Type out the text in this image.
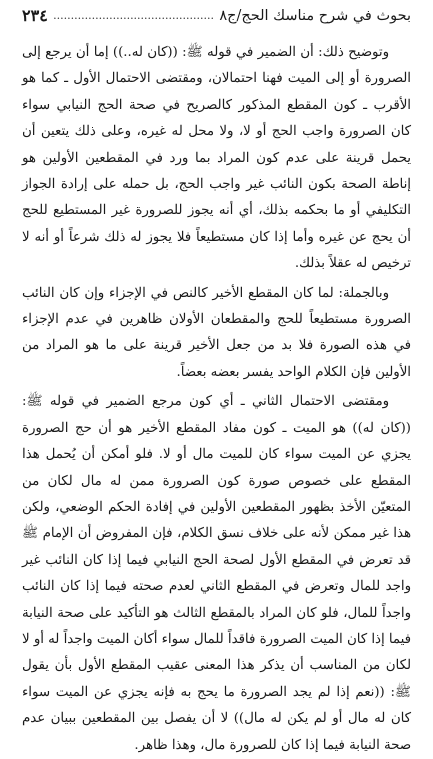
بحوث في شرح مناسك الحج/ج٨
..............................................
٢٣٤

وتوضيح ذلك: أن الضمير في قوله ﷺ: ((كان له..)) إما أن يرجع إلى الصرورة أو إلى الميت فهنا احتمالان، ومقتضى الاحتمال الأول ـ كما هو الأقرب ـ كون المقطع المذكور كالصريح في صحة الحج النيابي سواء كان الصرورة واجب الحج أو لا، ولا محل له غيره، وعلى ذلك يتعين أن يحمل قرينة على عدم كون المراد بما ورد في المقطعين الأولين هو إناطة الصحة بكون النائب غير واجب الحج، بل حمله على إرادة الجواز التكليفي أو ما بحكمه بذلك، أي أنه يجوز للصرورة غير المستطيع للحج أن يحج عن غيره وأما إذا كان مستطيعاً فلا يجوز له ذلك شرعاً أو أنه لا ترخيص له عقلاً بذلك.

وبالجملة: لما كان المقطع الأخير كالنص في الإجزاء وإن كان النائب الصرورة مستطيعاً للحج والمقطعان الأولان ظاهرين في عدم الإجزاء في هذه الصورة فلا بد من جعل الأخير قرينة على ما هو المراد من الأولين فإن الكلام الواحد يفسر بعضه بعضاً.

ومقتضى الاحتمال الثاني ـ أي كون مرجع الضمير في قوله ﷺ: ((كان له)) هو الميت ـ كون مفاد المقطع الأخير هو أن حج الصرورة يجزي عن الميت سواء كان للميت مال أو لا. فلو أمكن أن يُحمل هذا المقطع على خصوص صورة كون الصرورة ممن له مال لكان من المتعيّن الأخذ بظهور المقطعين الأولين في إفادة الحكم الوضعي، ولكن هذا غير ممكن لأنه على خلاف نسق الكلام، فإن المفروض أن الإمام ﷺ قد تعرض في المقطع الأول لصحة الحج النيابي فيما إذا كان النائب غير واجد للمال وتعرض في المقطع الثاني لعدم صحته فيما إذا كان النائب واجداً للمال، فلو كان المراد بالمقطع الثالث هو التأكيد على صحة النيابة فيما إذا كان الميت الصرورة فاقداً للمال سواء أكان الميت واجداً له أو لا لكان من المناسب أن يذكر هذا المعنى عقيب المقطع الأول بأن يقول ﷺ: ((نعم إذا لم يجد الصرورة ما يحج به فإنه يجزي عن الميت سواء كان له مال أو لم يكن له مال)) لا أن يفصل بين المقطعين ببيان عدم صحة النيابة فيما إذا كان للصرورة مال، وهذا ظاهر.
